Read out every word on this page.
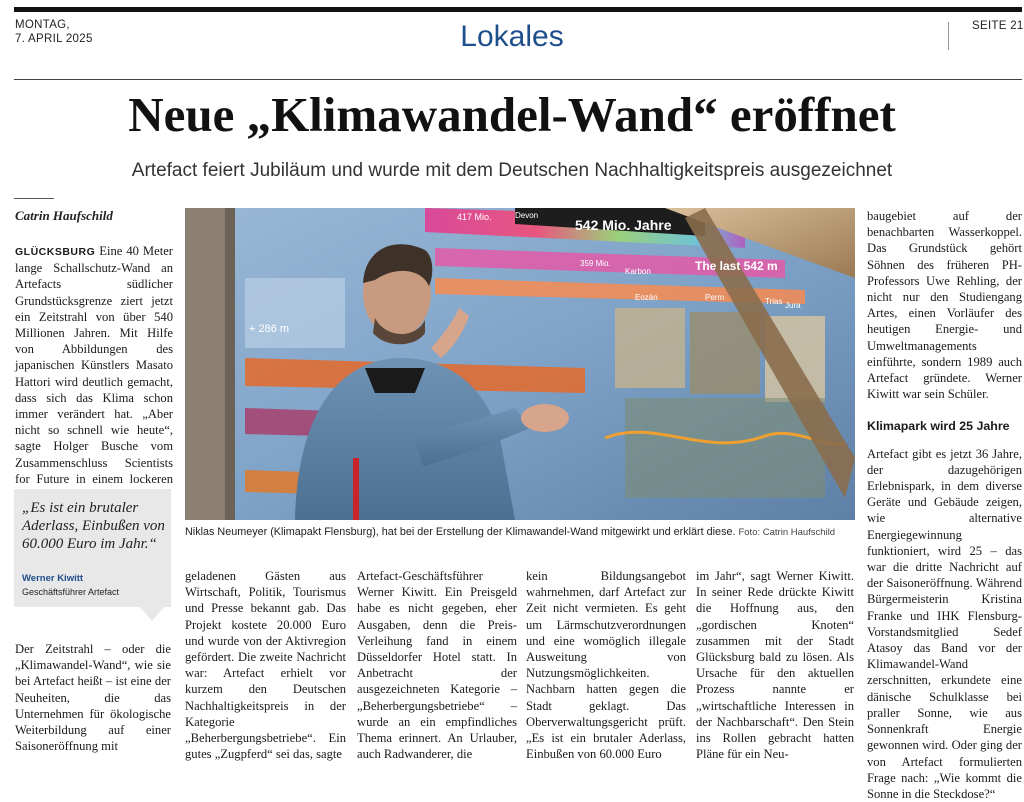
MONTAG,
7. APRIL 2025	Lokales	SEITE 21
Neue „Klimawandel-Wand“ eröffnet
Artefact feiert Jubiläum und wurde mit dem Deutschen Nachhaltigkeitspreis ausgezeichnet
Catrin Haufschild

GLÜCKSBURG Eine 40 Meter lange Schallschutz-Wand an Artefacts südlicher Grundstücksgrenze ziert jetzt ein Zeitstrahl von über 540 Millionen Jahren. Mit Hilfe von Abbildungen des japanischen Künstlers Masato Hattori wird deutlich gemacht, dass sich das Klima schon immer verändert hat. „Aber nicht so schnell wie heute“, sagte Holger Busche vom Zusammenschluss Scientists for Future in einem lockeren

„Es ist ein brutaler Aderlass, Einbußen von 60.000 Euro im Jahr.“
Werner Kiwitt
Geschäftsführer Artefact

Der Zeitstrahl – oder die „Klimawandel-Wand“, wie sie bei Artefact heißt – ist eine der Neuheiten, die das Unternehmen für ökologische Weiterbildung auf einer Saisoneröffnung mit

417 Mio.	Devon
542 Mio. Jahre
359 Mio.
Karbon	The last 542 m
+ 286 m
Perm
Eozän	Trias Jura
Niklas Neumeyer (Klimapakt Flensburg), hat bei der Erstellung der Klimawandel-Wand mitgewirkt und erklärt diese. Foto: Catrin Haufschild

geladenen Gästen aus Wirtschaft, Politik, Tourismus und Presse bekannt gab. Das Projekt kostete 20.000 Euro und wurde von der Aktivregion gefördert. Die zweite Nachricht war: Artefact erhielt vor kurzem den Deutschen Nachhaltigkeitspreis in der Kategorie „Beherbergungsbetriebe“. Ein gutes „Zugpferd“ sei das, sagte

Artefact-Geschäftsführer Werner Kiwitt. Ein Preisgeld habe es nicht gegeben, eher Ausgaben, denn die Preis-Verleihung fand in einem Düsseldorfer Hotel statt. In Anbetracht der ausgezeichneten Kategorie – „Beherbergungsbetriebe“ – wurde an ein empfindliches Thema erinnert. An Urlauber, auch Radwanderer, die

kein Bildungsangebot wahrnehmen, darf Artefact zur Zeit nicht vermieten. Es geht um Lärmschutzverordnungen und eine womöglich illegale Ausweitung von Nutzungsmöglichkeiten. Nachbarn hatten gegen die Stadt geklagt. Das Oberverwaltungsgericht prüft. „Es ist ein brutaler Aderlass, Einbußen von 60.000 Euro

im Jahr“, sagt Werner Kiwitt. In seiner Rede drückte Kiwitt die Hoffnung aus, den „gordischen Knoten“ zusammen mit der Stadt Glücksburg bald zu lösen. Als Ursache für den aktuellen Prozess nannte er „wirtschaftliche Interessen in der Nachbarschaft“. Den Stein ins Rollen gebracht hatten Pläne für ein Neu-

baugebiet auf der benachbarten Wasserkoppel. Das Grundstück gehört Söhnen des früheren PH-Professors Uwe Rehling, der nicht nur den Studiengang Artes, einen Vorläufer des heutigen Energie- und Umweltmanagements einführte, sondern 1989 auch Artefact gründete. Werner Kiwitt war sein Schüler.

Klimapark wird 25 Jahre

Artefact gibt es jetzt 36 Jahre, der dazugehörigen Erlebnispark, in dem diverse Geräte und Gebäude zeigen, wie alternative Energiegewinnung funktioniert, wird 25 – das war die dritte Nachricht auf der Saisoneröffnung. Während Bürgermeisterin Kristina Franke und IHK Flensburg-Vorstandsmitglied Sedef Atasoy das Band vor der Klimawandel-Wand zerschnitten, erkundete eine dänische Schulklasse bei praller Sonne, wie aus Sonnenkraft Energie gewonnen wird. Oder ging der von Artefact formulierten Frage nach: „Wie kommt die Sonne in die Steckdose?“
